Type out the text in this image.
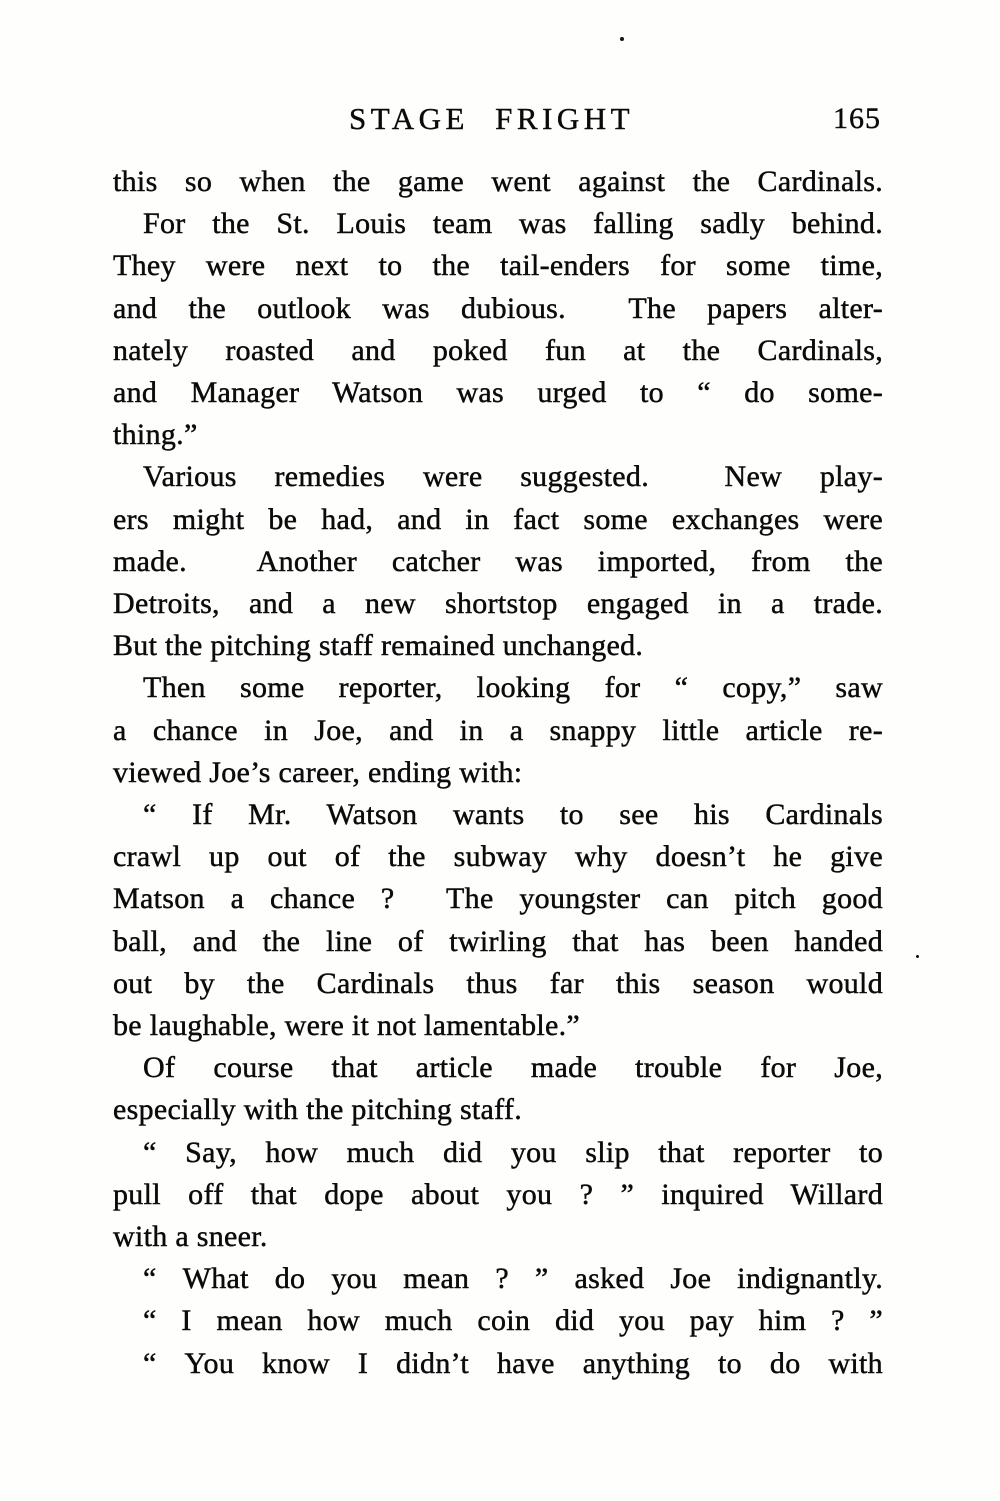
STAGE FRIGHT	165
this so when the game went against the Cardinals.
For the St. Louis team was falling sadly behind.
They were next to the tail-enders for some time,
and the outlook was dubious.  The papers alter-
nately roasted and poked fun at the Cardinals,
and Manager Watson was urged to “ do some-
thing.”
Various remedies were suggested.  New play-
ers might be had, and in fact some exchanges were
made.  Another catcher was imported, from the
Detroits, and a new shortstop engaged in a trade.
But the pitching staff remained unchanged.
Then some reporter, looking for “ copy,” saw
a chance in Joe, and in a snappy little article re-
viewed Joe’s career, ending with:
“ If Mr. Watson wants to see his Cardinals
crawl up out of the subway why doesn’t he give
Matson a chance ?  The youngster can pitch good
ball, and the line of twirling that has been handed
out by the Cardinals thus far this season would
be laughable, were it not lamentable.”
Of course that article made trouble for Joe,
especially with the pitching staff.
“ Say, how much did you slip that reporter to
pull off that dope about you ? ” inquired Willard
with a sneer.
“ What do you mean ? ” asked Joe indignantly.
“ I mean how much coin did you pay him ? ”
“ You know I didn’t have anything to do with
